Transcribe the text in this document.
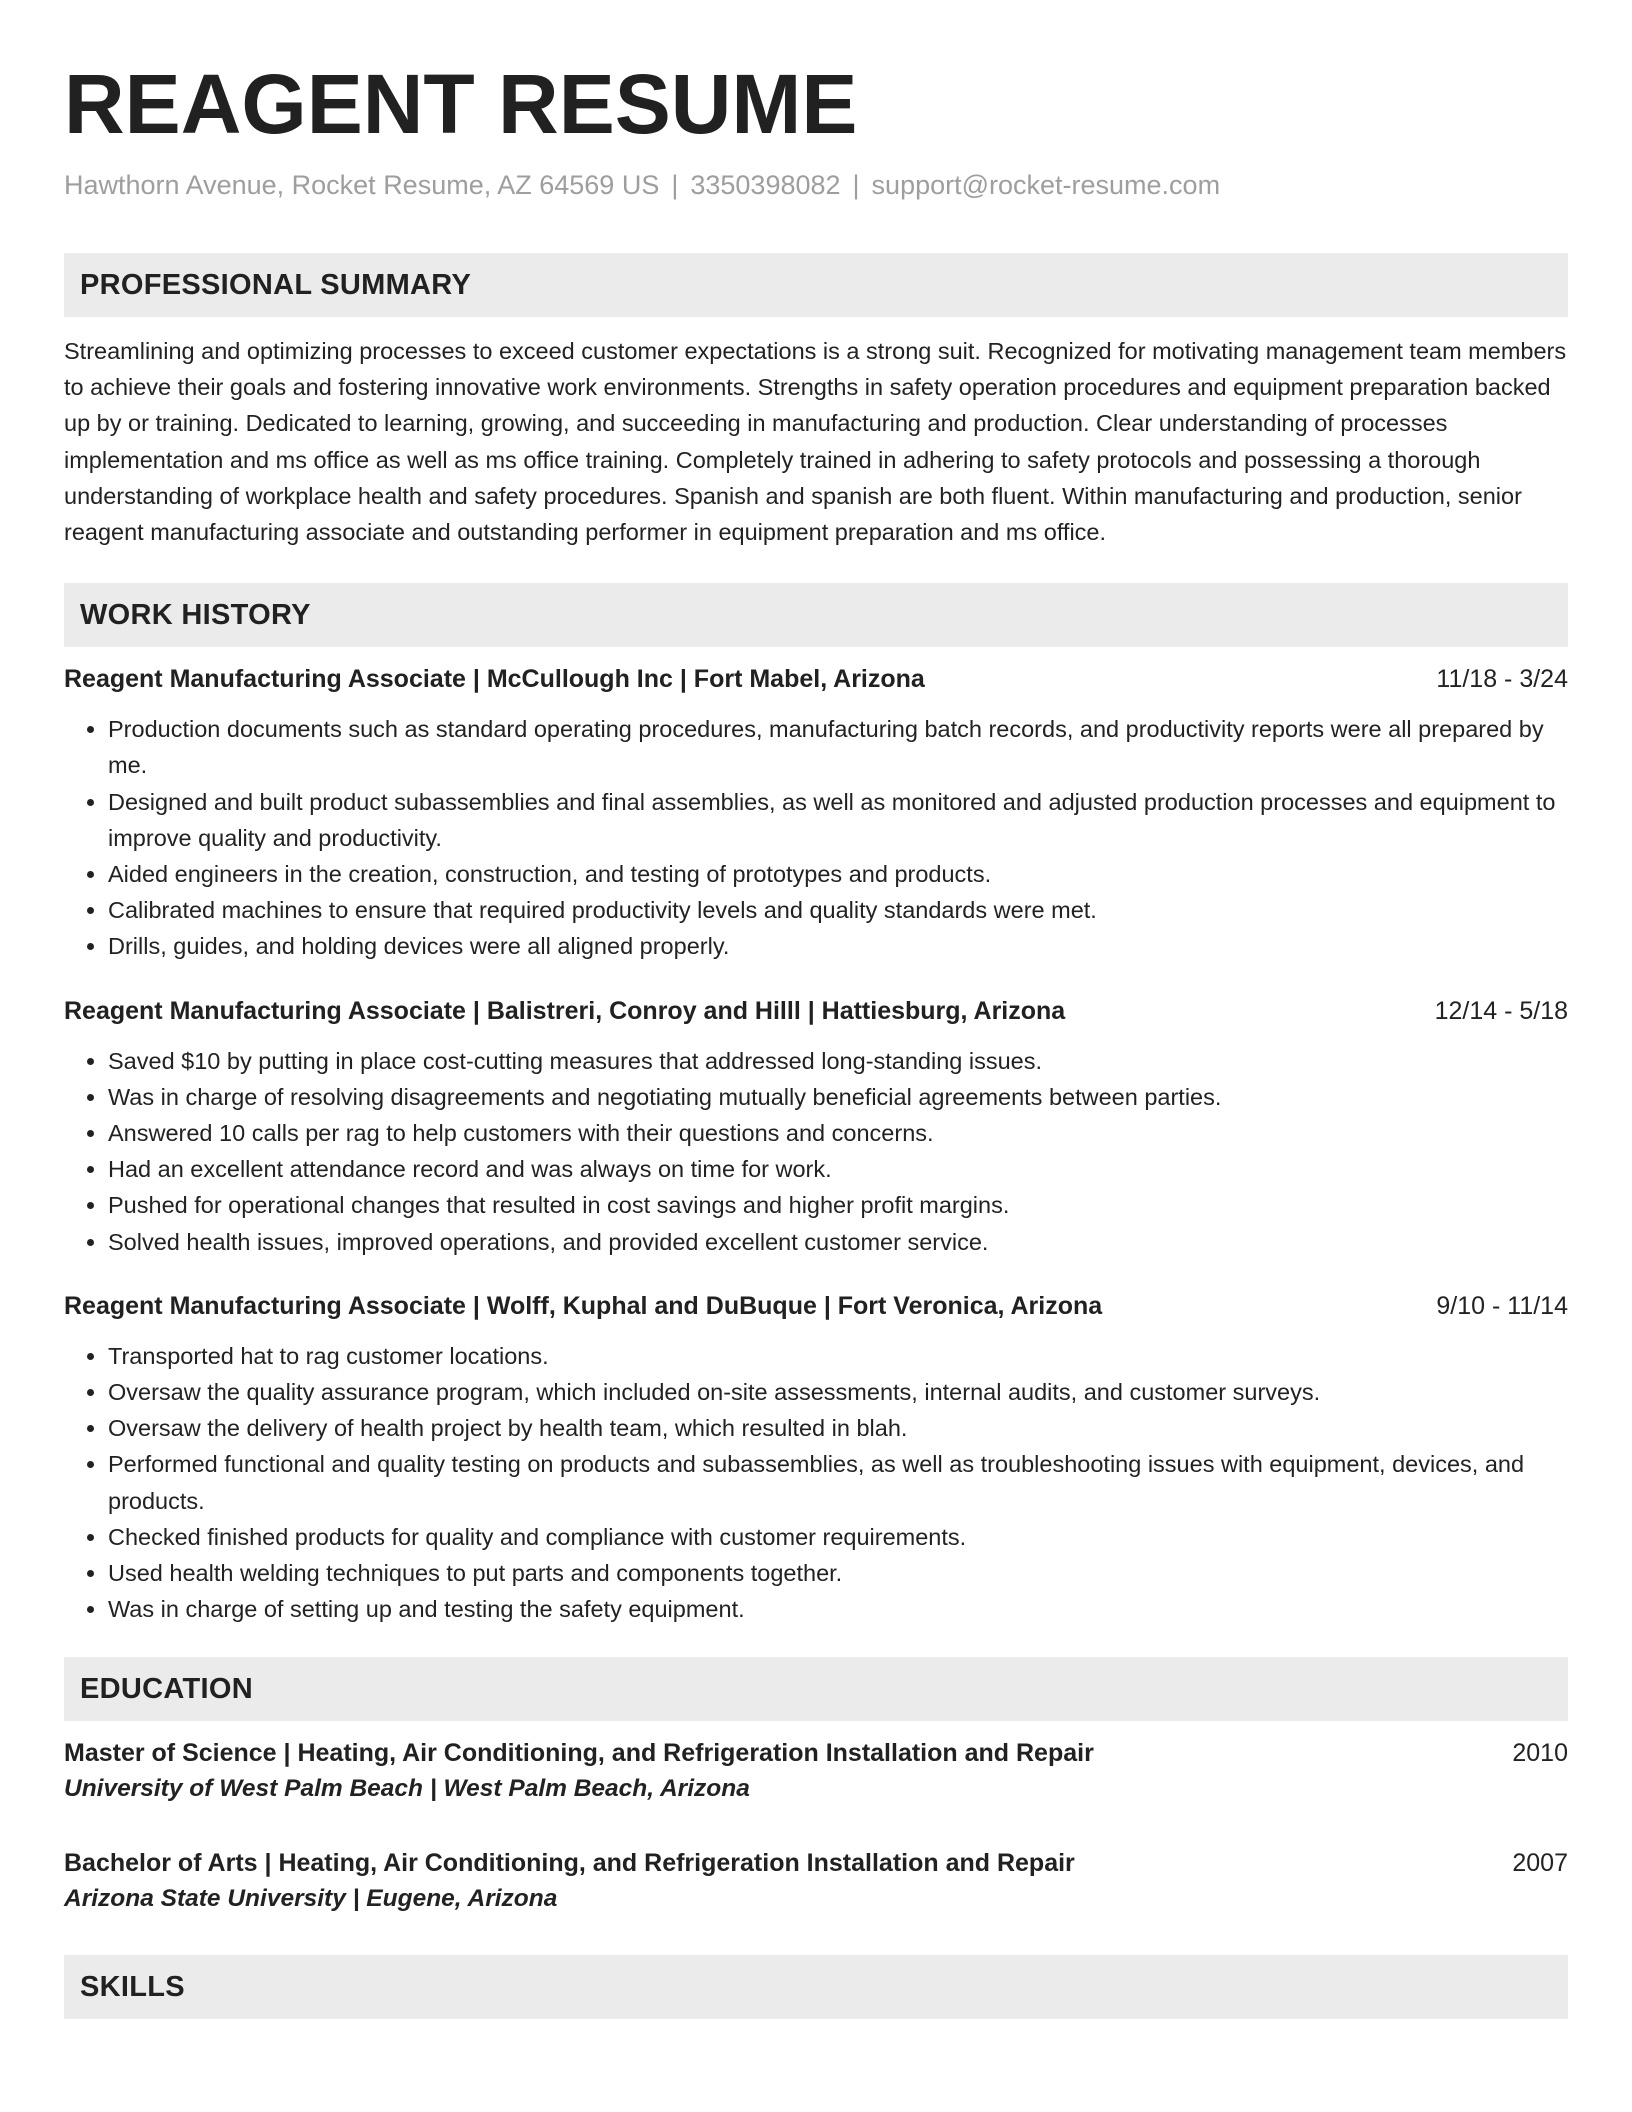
REAGENT RESUME
Hawthorn Avenue, Rocket Resume, AZ 64569 US | 3350398082 | support@rocket-resume.com
PROFESSIONAL SUMMARY

Streamlining and optimizing processes to exceed customer expectations is a strong suit. Recognized for motivating management team members to achieve their goals and fostering innovative work environments. Strengths in safety operation procedures and equipment preparation backed up by or training. Dedicated to learning, growing, and succeeding in manufacturing and production. Clear understanding of processes implementation and ms office as well as ms office training. Completely trained in adhering to safety protocols and possessing a thorough understanding of workplace health and safety procedures. Spanish and spanish are both fluent. Within manufacturing and production, senior reagent manufacturing associate and outstanding performer in equipment preparation and ms office.

WORK HISTORY
Reagent Manufacturing Associate | McCullough Inc | Fort Mabel, Arizona	11/18 - 3/24
• Production documents such as standard operating procedures, manufacturing batch records, and productivity reports were all prepared by me.
• Designed and built product subassemblies and final assemblies, as well as monitored and adjusted production processes and equipment to improve quality and productivity.
• Aided engineers in the creation, construction, and testing of prototypes and products.
• Calibrated machines to ensure that required productivity levels and quality standards were met.
• Drills, guides, and holding devices were all aligned properly.
Reagent Manufacturing Associate | Balistreri, Conroy and Hilll | Hattiesburg, Arizona	12/14 - 5/18
• Saved $10 by putting in place cost-cutting measures that addressed long-standing issues.
• Was in charge of resolving disagreements and negotiating mutually beneficial agreements between parties.
• Answered 10 calls per rag to help customers with their questions and concerns.
• Had an excellent attendance record and was always on time for work.
• Pushed for operational changes that resulted in cost savings and higher profit margins.
• Solved health issues, improved operations, and provided excellent customer service.
Reagent Manufacturing Associate | Wolff, Kuphal and DuBuque | Fort Veronica, Arizona	9/10 - 11/14
• Transported hat to rag customer locations.
• Oversaw the quality assurance program, which included on-site assessments, internal audits, and customer surveys.
• Oversaw the delivery of health project by health team, which resulted in blah.
• Performed functional and quality testing on products and subassemblies, as well as troubleshooting issues with equipment, devices, and products.
• Checked finished products for quality and compliance with customer requirements.
• Used health welding techniques to put parts and components together.
• Was in charge of setting up and testing the safety equipment.
EDUCATION
Master of Science | Heating, Air Conditioning, and Refrigeration Installation and Repair	2010
University of West Palm Beach | West Palm Beach, Arizona
Bachelor of Arts | Heating, Air Conditioning, and Refrigeration Installation and Repair	2007
Arizona State University | Eugene, Arizona
SKILLS
